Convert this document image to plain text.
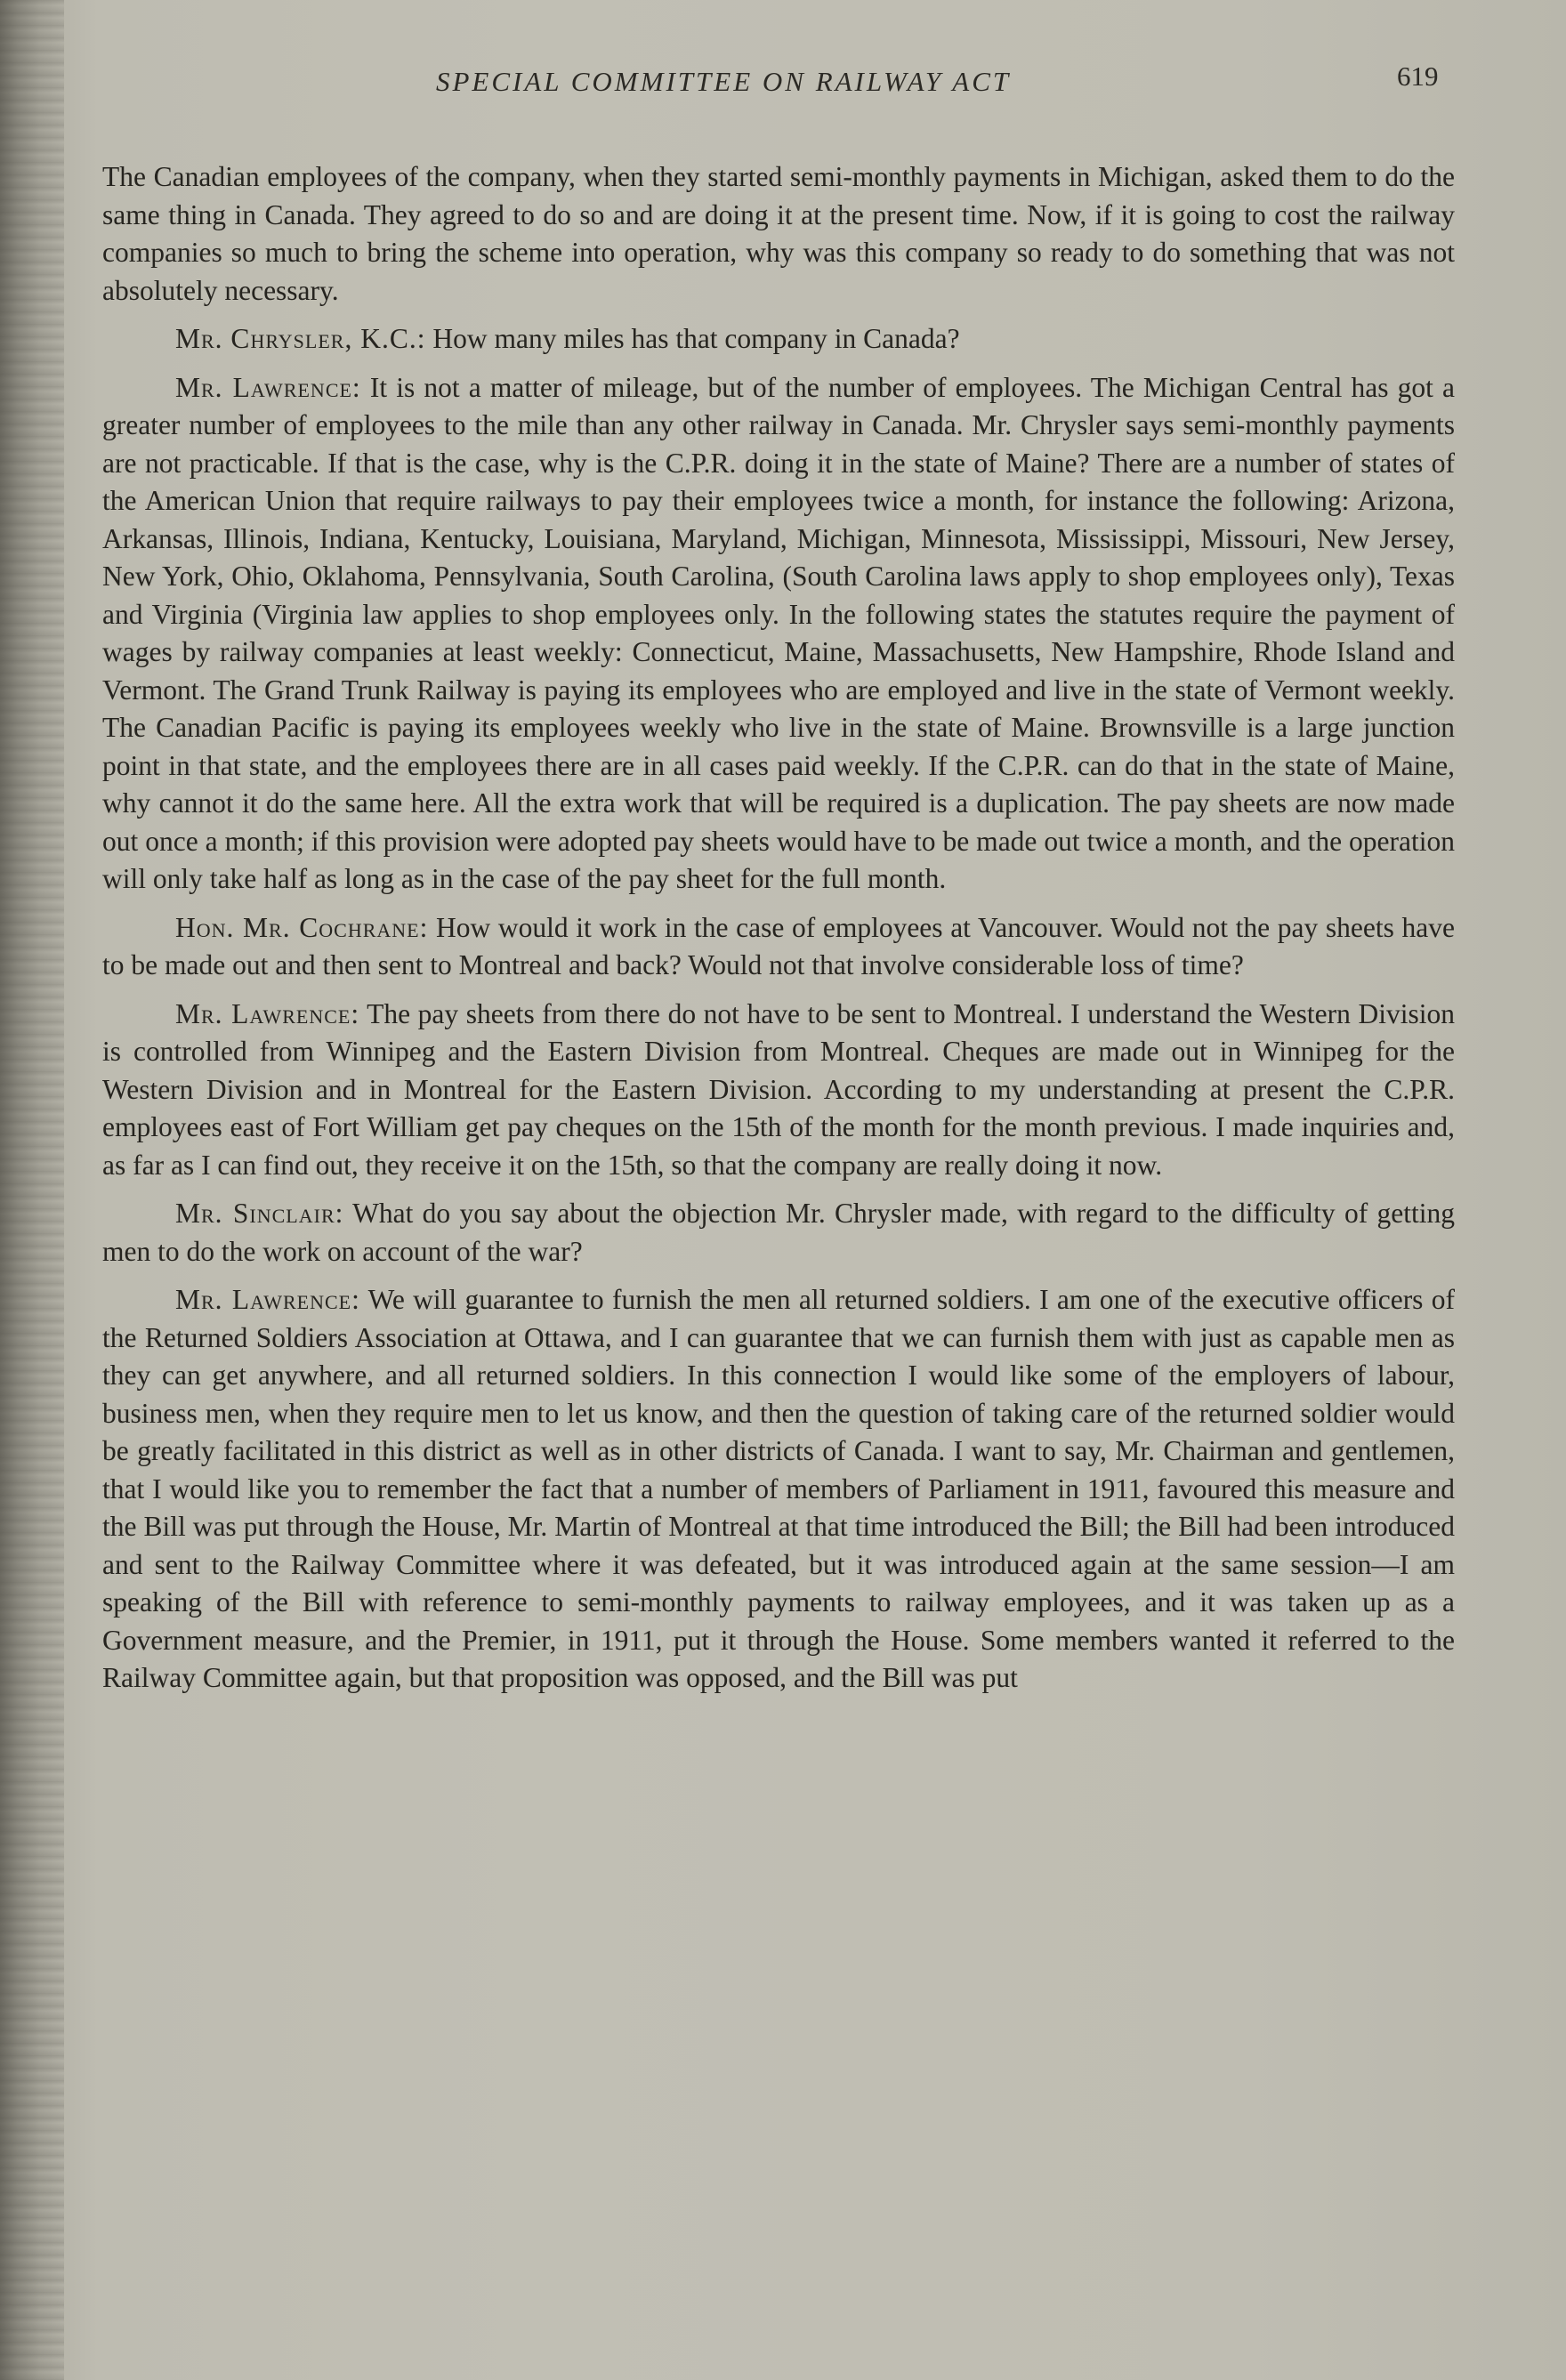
SPECIAL COMMITTEE ON RAILWAY ACT	619

The Canadian employees of the company, when they started semi-monthly payments in Michigan, asked them to do the same thing in Canada. They agreed to do so and are doing it at the present time. Now, if it is going to cost the railway companies so much to bring the scheme into operation, why was this company so ready to do something that was not absolutely necessary.

Mr. Chrysler, K.C.: How many miles has that company in Canada?

Mr. Lawrence: It is not a matter of mileage, but of the number of employees. The Michigan Central has got a greater number of employees to the mile than any other railway in Canada. Mr. Chrysler says semi-monthly payments are not practicable. If that is the case, why is the C.P.R. doing it in the state of Maine? There are a number of states of the American Union that require railways to pay their employees twice a month, for instance the following: Arizona, Arkansas, Illinois, Indiana, Kentucky, Louisiana, Maryland, Michigan, Minnesota, Mississippi, Missouri, New Jersey, New York, Ohio, Oklahoma, Pennsylvania, South Carolina, (South Carolina laws apply to shop employees only), Texas and Virginia (Virginia law applies to shop employees only. In the following states the statutes require the payment of wages by railway companies at least weekly: Connecticut, Maine, Massachusetts, New Hampshire, Rhode Island and Vermont. The Grand Trunk Railway is paying its employees who are employed and live in the state of Vermont weekly. The Canadian Pacific is paying its employees weekly who live in the state of Maine. Brownsville is a large junction point in that state, and the employees there are in all cases paid weekly. If the C.P.R. can do that in the state of Maine, why cannot it do the same here. All the extra work that will be required is a duplication. The pay sheets are now made out once a month; if this provision were adopted pay sheets would have to be made out twice a month, and the operation will only take half as long as in the case of the pay sheet for the full month.

Hon. Mr. Cochrane: How would it work in the case of employees at Vancouver. Would not the pay sheets have to be made out and then sent to Montreal and back? Would not that involve considerable loss of time?

Mr. Lawrence: The pay sheets from there do not have to be sent to Montreal. I understand the Western Division is controlled from Winnipeg and the Eastern Division from Montreal. Cheques are made out in Winnipeg for the Western Division and in Montreal for the Eastern Division. According to my understanding at present the C.P.R. employees east of Fort William get pay cheques on the 15th of the month for the month previous. I made inquiries and, as far as I can find out, they receive it on the 15th, so that the company are really doing it now.

Mr. Sinclair: What do you say about the objection Mr. Chrysler made, with regard to the difficulty of getting men to do the work on account of the war?

Mr. Lawrence: We will guarantee to furnish the men all returned soldiers. I am one of the executive officers of the Returned Soldiers Association at Ottawa, and I can guarantee that we can furnish them with just as capable men as they can get anywhere, and all returned soldiers. In this connection I would like some of the employers of labour, business men, when they require men to let us know, and then the question of taking care of the returned soldier would be greatly facilitated in this district as well as in other districts of Canada. I want to say, Mr. Chairman and gentlemen, that I would like you to remember the fact that a number of members of Parliament in 1911, favoured this measure and the Bill was put through the House, Mr. Martin of Montreal at that time introduced the Bill; the Bill had been introduced and sent to the Railway Committee where it was defeated, but it was introduced again at the same session—I am speaking of the Bill with reference to semi-monthly payments to railway employees, and it was taken up as a Government measure, and the Premier, in 1911, put it through the House. Some members wanted it referred to the Railway Committee again, but that proposition was opposed, and the Bill was put
